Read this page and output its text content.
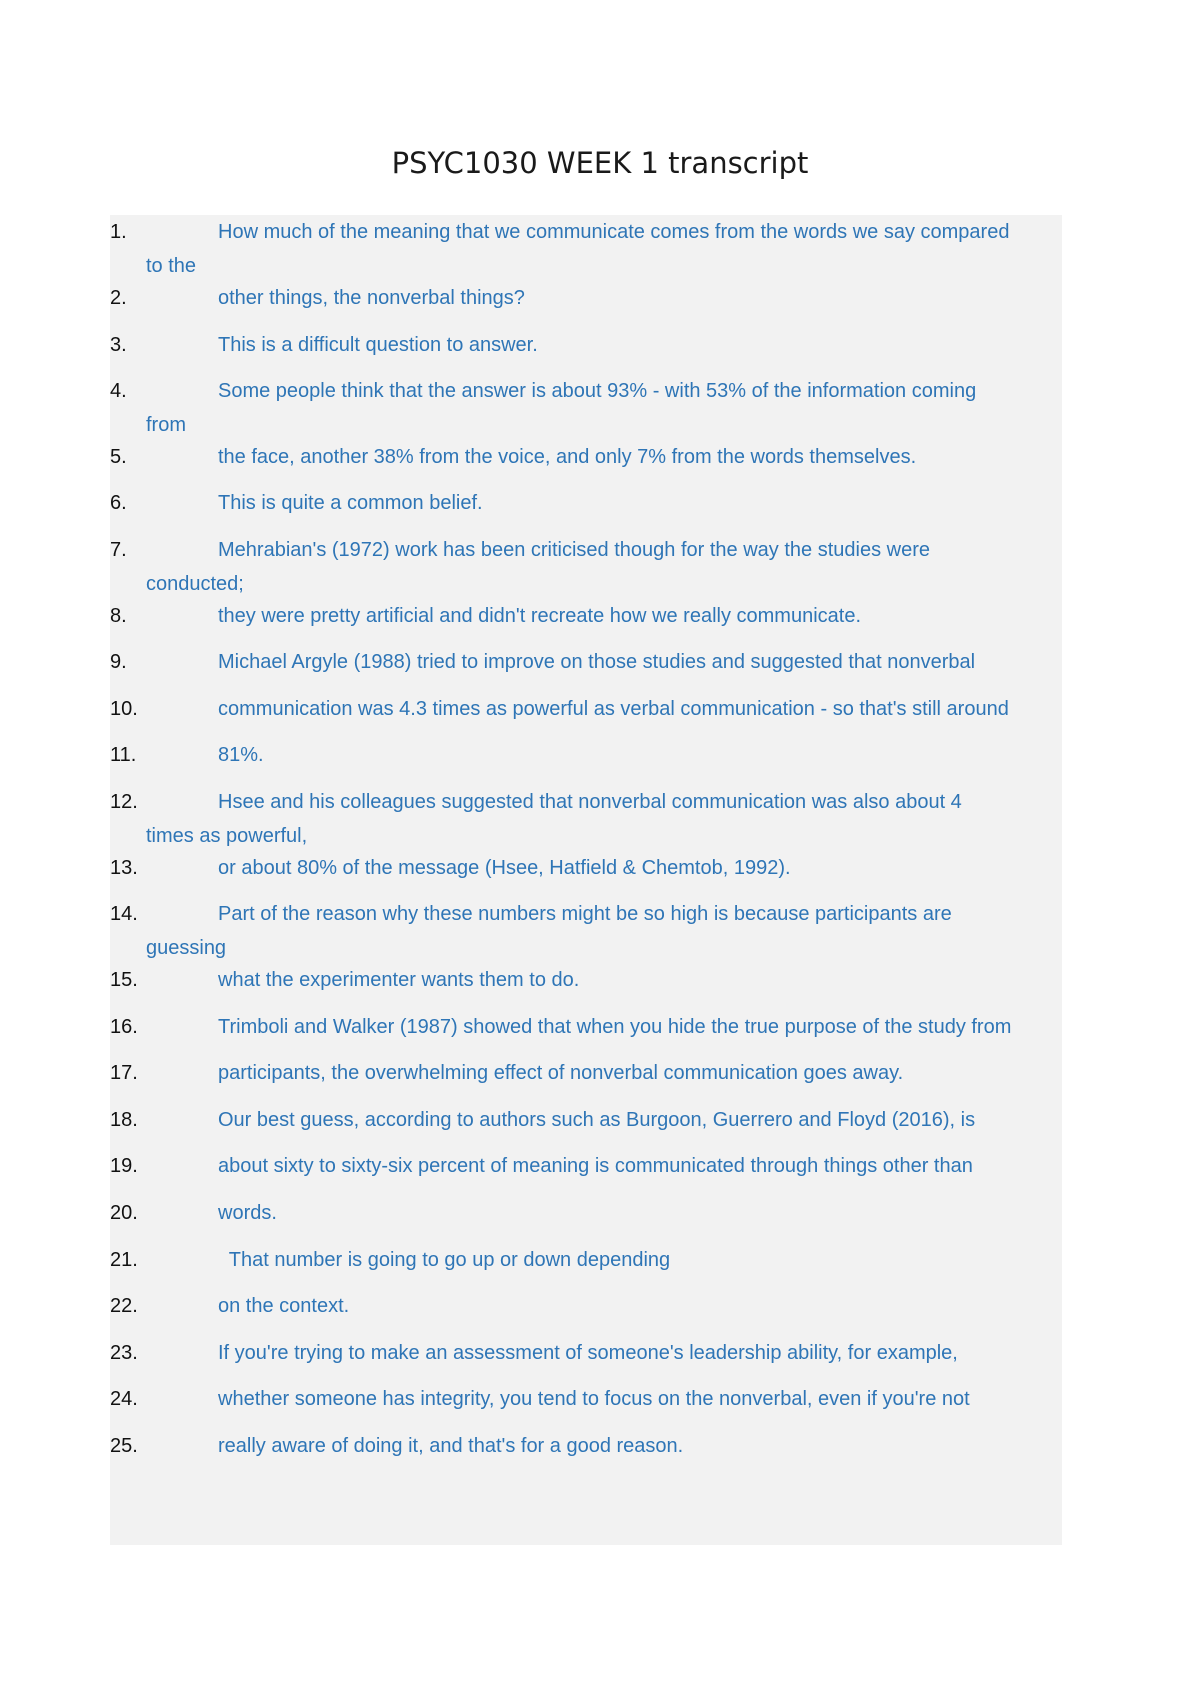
PSYC1030 WEEK 1 transcript
1.	How much of the meaning that we communicate comes from the words we say compared
to the
2.	other things, the nonverbal things?
3.	This is a difficult question to answer.
4.	Some people think that the answer is about 93% - with 53% of the information coming
from
5.	the face, another 38% from the voice, and only 7% from the words themselves.
6.	This is quite a common belief.
7.	Mehrabian's (1972) work has been criticised though for the way the studies were
conducted;
8.	they were pretty artificial and didn't recreate how we really communicate.
9.	Michael Argyle (1988) tried to improve on those studies and suggested that nonverbal
10.	communication was 4.3 times as powerful as verbal communication - so that's still around
11.	81%.
12.	Hsee and his colleagues suggested that nonverbal communication was also about 4
times as powerful,
13.	or about 80% of the message (Hsee, Hatfield & Chemtob, 1992).
14.	Part of the reason why these numbers might be so high is because participants are
guessing
15.	what the experimenter wants them to do.
16.	Trimboli and Walker (1987) showed that when you hide the true purpose of the study from
17.	participants, the overwhelming effect of nonverbal communication goes away.
18.	Our best guess, according to authors such as Burgoon, Guerrero and Floyd (2016), is
19.	about sixty to sixty-six percent of meaning is communicated through things other than
20.	words.
21.	That number is going to go up or down depending
22.	on the context.
23.	If you're trying to make an assessment of someone's leadership ability, for example,
24.	whether someone has integrity, you tend to focus on the nonverbal, even if you're not
25.	really aware of doing it, and that's for a good reason.
